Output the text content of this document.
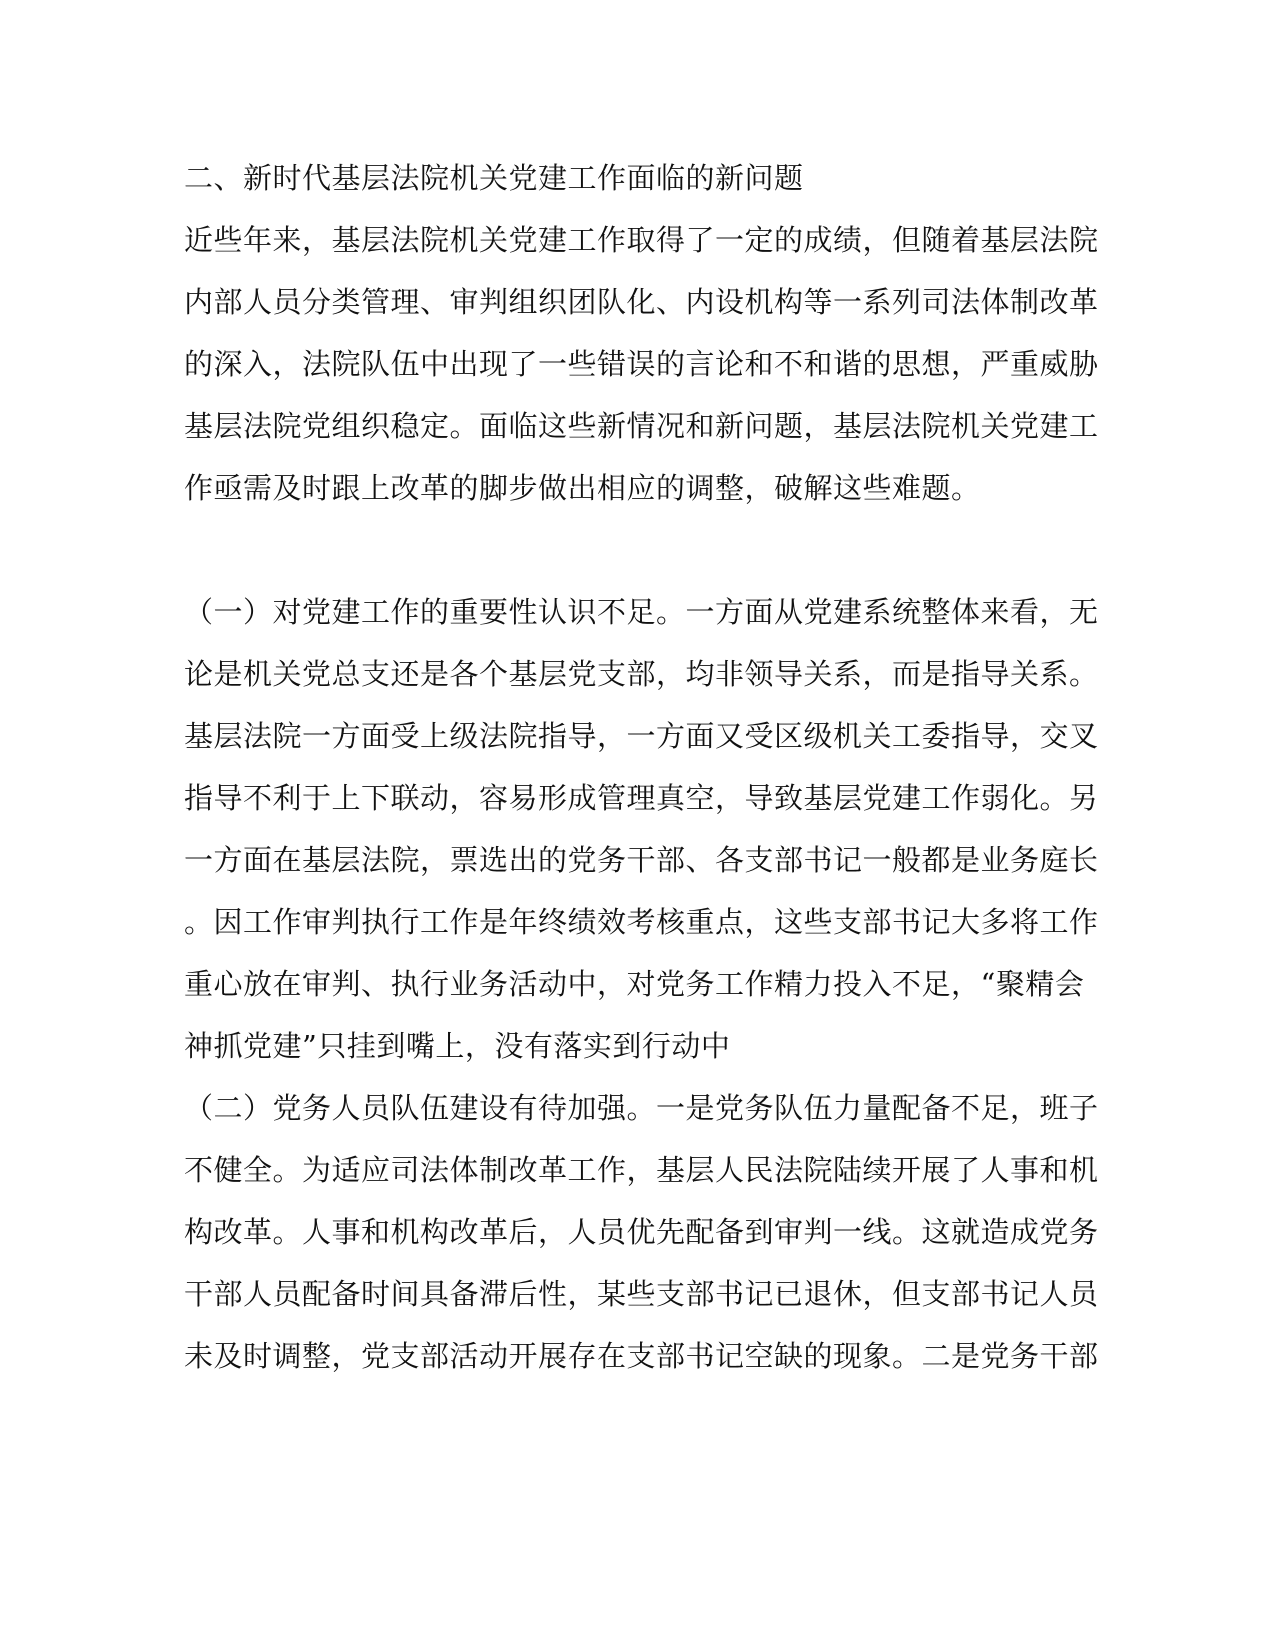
二、新时代基层法院机关党建工作面临的新问题
近些年来，基层法院机关党建工作取得了一定的成绩，但随着基层法院
内部人员分类管理、审判组织团队化、内设机构等一系列司法体制改革
的深入，法院队伍中出现了一些错误的言论和不和谐的思想，严重威胁
基层法院党组织稳定。面临这些新情况和新问题，基层法院机关党建工
作亟需及时跟上改革的脚步做出相应的调整，破解这些难题。
（一）对党建工作的重要性认识不足。一方面从党建系统整体来看，无
论是机关党总支还是各个基层党支部，均非领导关系，而是指导关系。
基层法院一方面受上级法院指导，一方面又受区级机关工委指导，交叉
指导不利于上下联动，容易形成管理真空，导致基层党建工作弱化。另
一方面在基层法院，票选出的党务干部、各支部书记一般都是业务庭长
。因工作审判执行工作是年终绩效考核重点，这些支部书记大多将工作
重心放在审判、执行业务活动中，对党务工作精力投入不足，“聚精会
神抓党建”只挂到嘴上，没有落实到行动中
（二）党务人员队伍建设有待加强。一是党务队伍力量配备不足，班子
不健全。为适应司法体制改革工作，基层人民法院陆续开展了人事和机
构改革。人事和机构改革后，人员优先配备到审判一线。这就造成党务
干部人员配备时间具备滞后性，某些支部书记已退休，但支部书记人员
未及时调整，党支部活动开展存在支部书记空缺的现象。二是党务干部
